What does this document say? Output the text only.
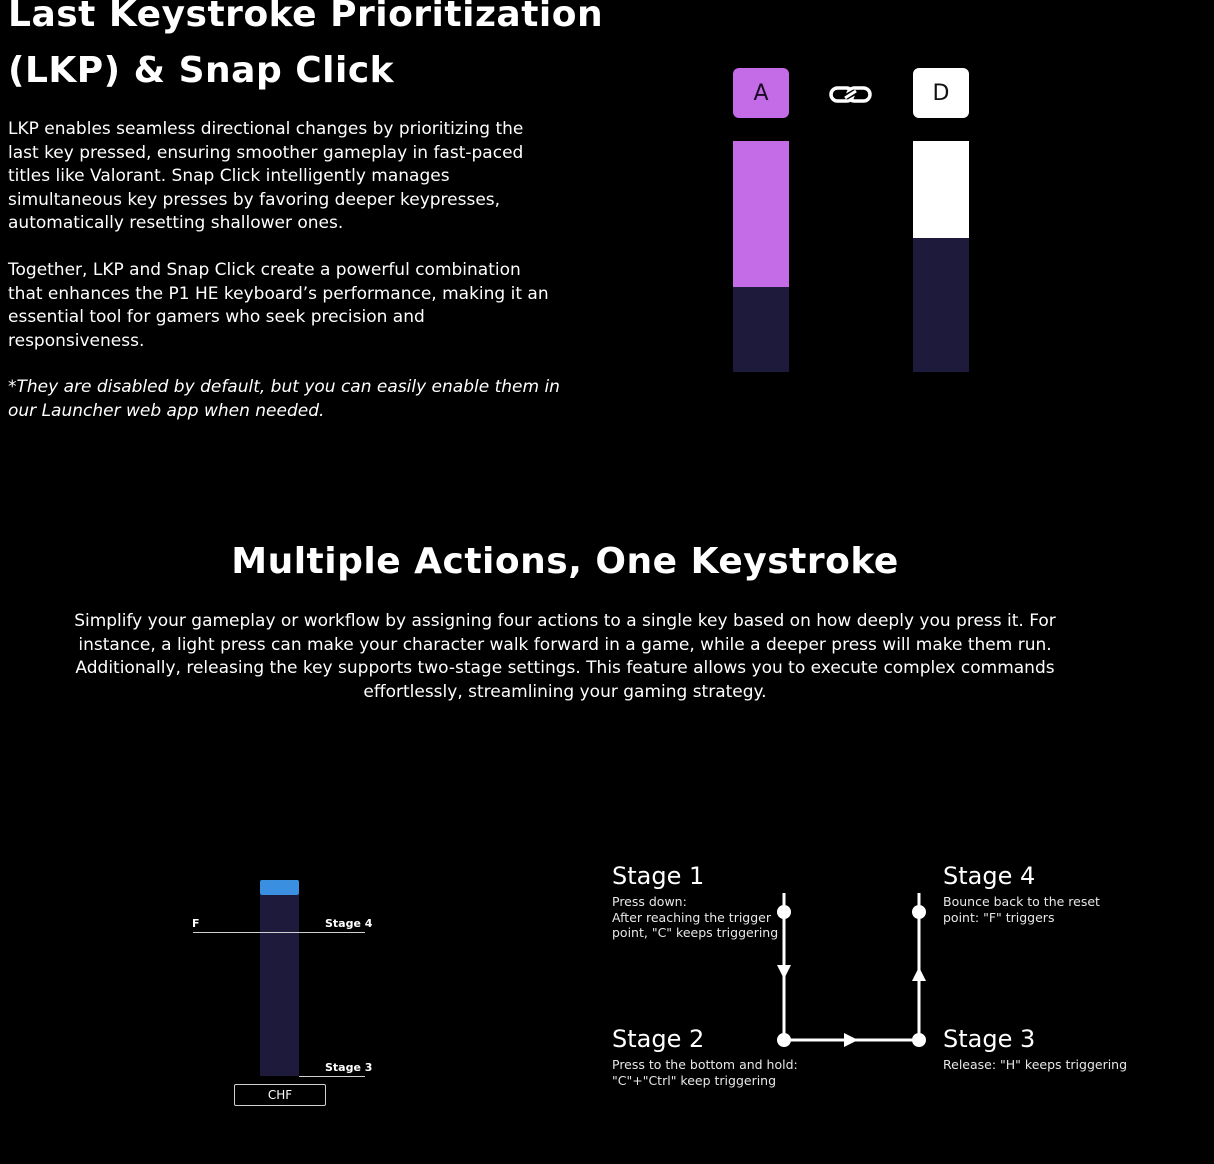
Last Keystroke Prioritization
(LKP) & Snap Click
LKP enables seamless directional changes by prioritizing the
last key pressed, ensuring smoother gameplay in fast-paced
titles like Valorant. Snap Click intelligently manages
simultaneous key presses by favoring deeper keypresses,
automatically resetting shallower ones.
Together, LKP and Snap Click create a powerful combination
that enhances the P1 HE keyboard’s performance, making it an
essential tool for gamers who seek precision and
responsiveness.
*They are disabled by default, but you can easily enable them in
our Launcher web app when needed.
A	D
Multiple Actions, One Keystroke
Simplify your gameplay or workflow by assigning four actions to a single key based on how deeply you press it. For
instance, a light press can make your character walk forward in a game, while a deeper press will make them run.
Additionally, releasing the key supports two-stage settings. This feature allows you to execute complex commands
effortlessly, streamlining your gaming strategy.
F	Stage 4
Stage 3
CHF
Stage 1
Press down:
After reaching the trigger
point, "C" keeps triggering
Stage 2
Press to the bottom and hold:
"C"+"Ctrl" keep triggering
Stage 4
Bounce back to the reset
point: "F" triggers
Stage 3
Release: "H" keeps triggering
